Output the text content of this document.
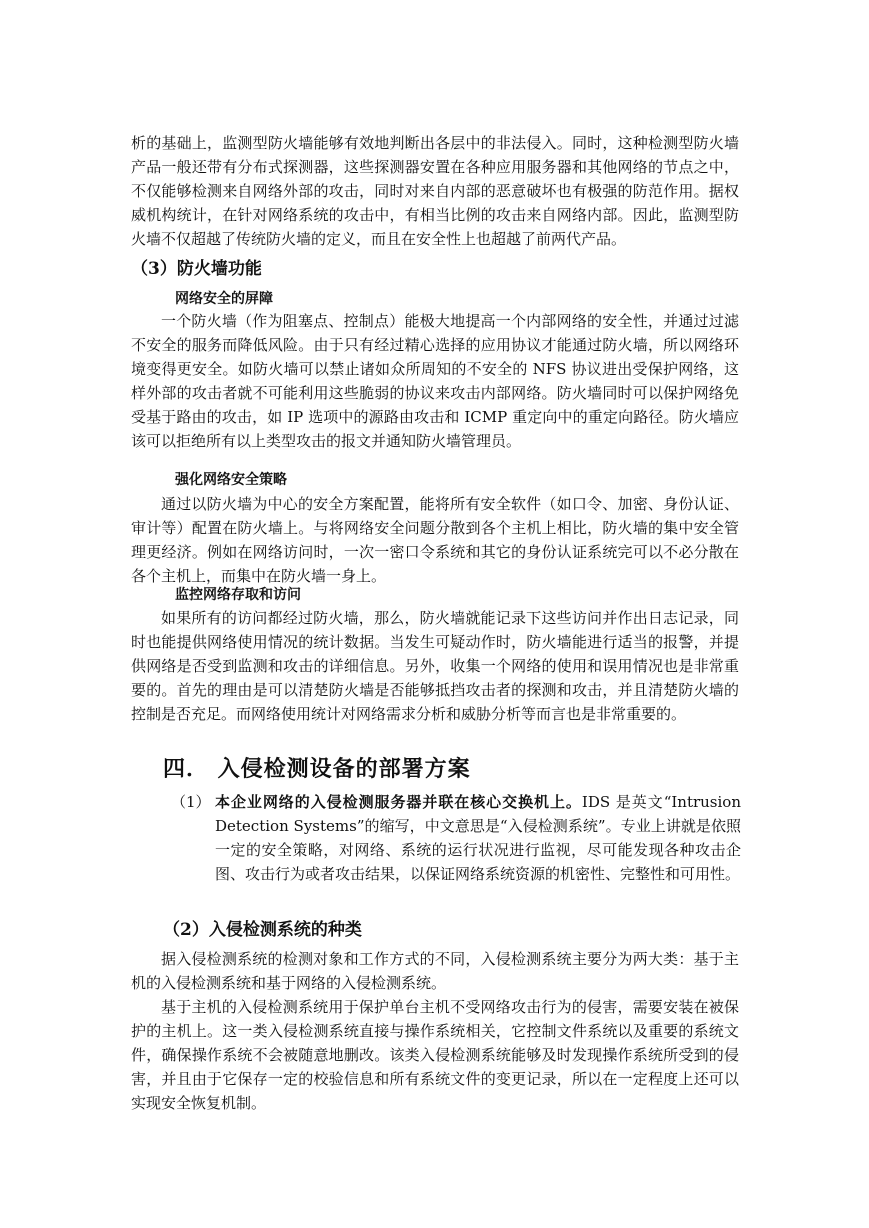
析的基础上，监测型防火墙能够有效地判断出各层中的非法侵入。同时，这种检测型防火墙产品一般还带有分布式探测器，这些探测器安置在各种应用服务器和其他网络的节点之中，不仅能够检测来自网络外部的攻击，同时对来自内部的恶意破坏也有极强的防范作用。据权威机构统计，在针对网络系统的攻击中，有相当比例的攻击来自网络内部。因此，监测型防火墙不仅超越了传统防火墙的定义，而且在安全性上也超越了前两代产品。

（3）防火墙功能

网络安全的屏障

一个防火墙（作为阻塞点、控制点）能极大地提高一个内部网络的安全性，并通过过滤不安全的服务而降低风险。由于只有经过精心选择的应用协议才能通过防火墙，所以网络环境变得更安全。如防火墙可以禁止诸如众所周知的不安全的 NFS 协议进出受保护网络，这样外部的攻击者就不可能利用这些脆弱的协议来攻击内部网络。防火墙同时可以保护网络免受基于路由的攻击，如 IP 选项中的源路由攻击和 ICMP 重定向中的重定向路径。防火墙应该可以拒绝所有以上类型攻击的报文并通知防火墙管理员。

强化网络安全策略

通过以防火墙为中心的安全方案配置，能将所有安全软件（如口令、加密、身份认证、审计等）配置在防火墙上。与将网络安全问题分散到各个主机上相比，防火墙的集中安全管理更经济。例如在网络访问时，一次一密口令系统和其它的身份认证系统完可以不必分散在各个主机上，而集中在防火墙一身上。

监控网络存取和访问

如果所有的访问都经过防火墙，那么，防火墙就能记录下这些访问并作出日志记录，同时也能提供网络使用情况的统计数据。当发生可疑动作时，防火墙能进行适当的报警，并提供网络是否受到监测和攻击的详细信息。另外，收集一个网络的使用和误用情况也是非常重要的。首先的理由是可以清楚防火墙是否能够抵挡攻击者的探测和攻击，并且清楚防火墙的控制是否充足。而网络使用统计对网络需求分析和威胁分析等而言也是非常重要的。

四． 入侵检测设备的部署方案

（1） 本企业网络的入侵检测服务器并联在核心交换机上。IDS 是英文“Intrusion Detection Systems”的缩写，中文意思是“入侵检测系统”。专业上讲就是依照一定的安全策略，对网络、系统的运行状况进行监视，尽可能发现各种攻击企图、攻击行为或者攻击结果，以保证网络系统资源的机密性、完整性和可用性。

（2）入侵检测系统的种类

据入侵检测系统的检测对象和工作方式的不同，入侵检测系统主要分为两大类：基于主机的入侵检测系统和基于网络的入侵检测系统。

基于主机的入侵检测系统用于保护单台主机不受网络攻击行为的侵害，需要安装在被保护的主机上。这一类入侵检测系统直接与操作系统相关，它控制文件系统以及重要的系统文件，确保操作系统不会被随意地删改。该类入侵检测系统能够及时发现操作系统所受到的侵害，并且由于它保存一定的校验信息和所有系统文件的变更记录，所以在一定程度上还可以实现安全恢复机制。
